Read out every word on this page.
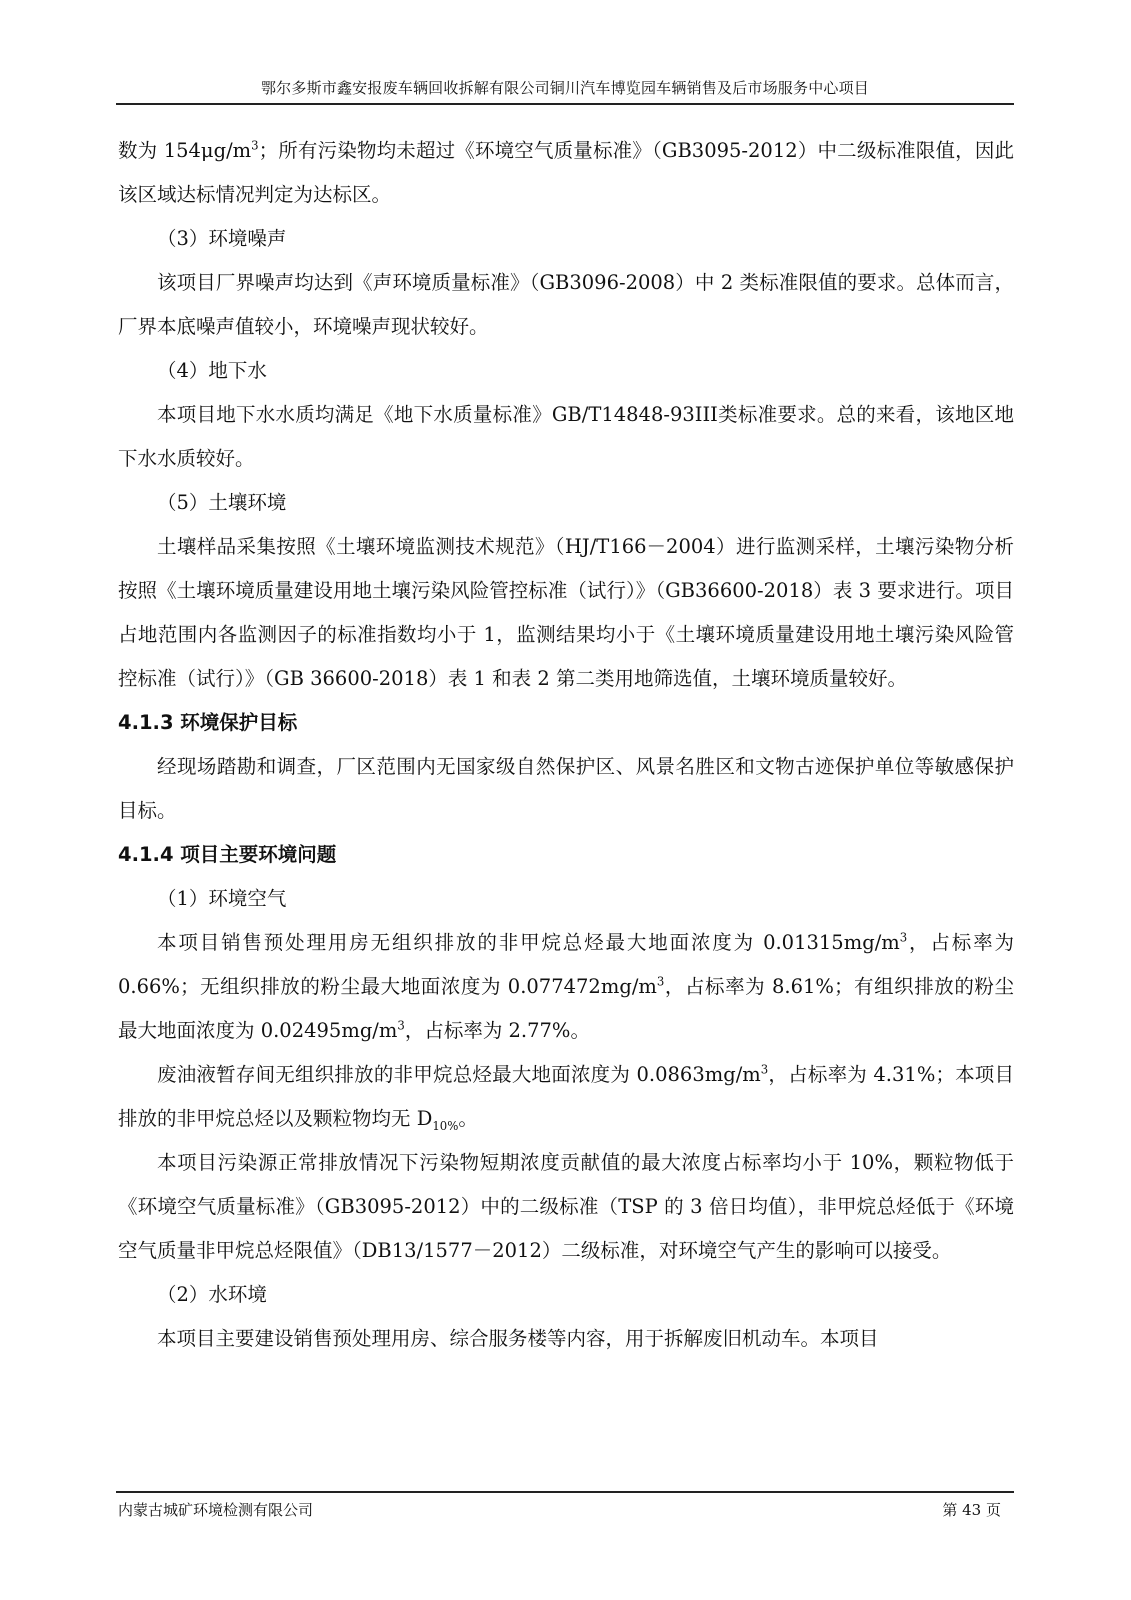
鄂尔多斯市鑫安报废车辆回收拆解有限公司铜川汽车博览园车辆销售及后市场服务中心项目

数为 $154\mu g/m^3$；所有污染物均未超过《环境空气质量标准》（GB3095-2012）中二级标准限值，因此该区域达标情况判定为达标区。

（3）环境噪声

该项目厂界噪声均达到《声环境质量标准》（GB3096-2008）中 2 类标准限值的要求。总体而言，厂界本底噪声值较小，环境噪声现状较好。

（4）地下水

本项目地下水水质均满足《地下水质量标准》GB/T14848-93III类标准要求。总的来看，该地区地下水水质较好。

（5）土壤环境

土壤样品采集按照《土壤环境监测技术规范》（HJ/T166－2004）进行监测采样，土壤污染物分析按照《土壤环境质量建设用地土壤污染风险管控标准（试行）》（GB36600-2018）表 3 要求进行。项目占地范围内各监测因子的标准指数均小于 1，监测结果均小于《土壤环境质量建设用地土壤污染风险管控标准（试行）》（GB 36600-2018）表 1 和表 2 第二类用地筛选值，土壤环境质量较好。

4.1.3 环境保护目标

经现场踏勘和调查，厂区范围内无国家级自然保护区、风景名胜区和文物古迹保护单位等敏感保护目标。

4.1.4 项目主要环境问题

（1）环境空气

本项目销售预处理用房无组织排放的非甲烷总烃最大地面浓度为 $0.01315mg/m^3$，占标率为 0.66%；无组织排放的粉尘最大地面浓度为 $0.077472mg/m^3$，占标率为 8.61%；有组织排放的粉尘最大地面浓度为 $0.02495mg/m^3$，占标率为 2.77%。

废油液暂存间无组织排放的非甲烷总烃最大地面浓度为 $0.0863mg/m^3$，占标率为 4.31%；本项目排放的非甲烷总烃以及颗粒物均无 $D_{10\%}$。

本项目污染源正常排放情况下污染物短期浓度贡献值的最大浓度占标率均小于 10%，颗粒物低于《环境空气质量标准》（GB3095-2012）中的二级标准（TSP 的 3 倍日均值），非甲烷总烃低于《环境空气质量非甲烷总烃限值》（DB13/1577－2012）二级标准，对环境空气产生的影响可以接受。

（2）水环境

本项目主要建设销售预处理用房、综合服务楼等内容，用于拆解废旧机动车。本项目

内蒙古城矿环境检测有限公司	第 43 页
